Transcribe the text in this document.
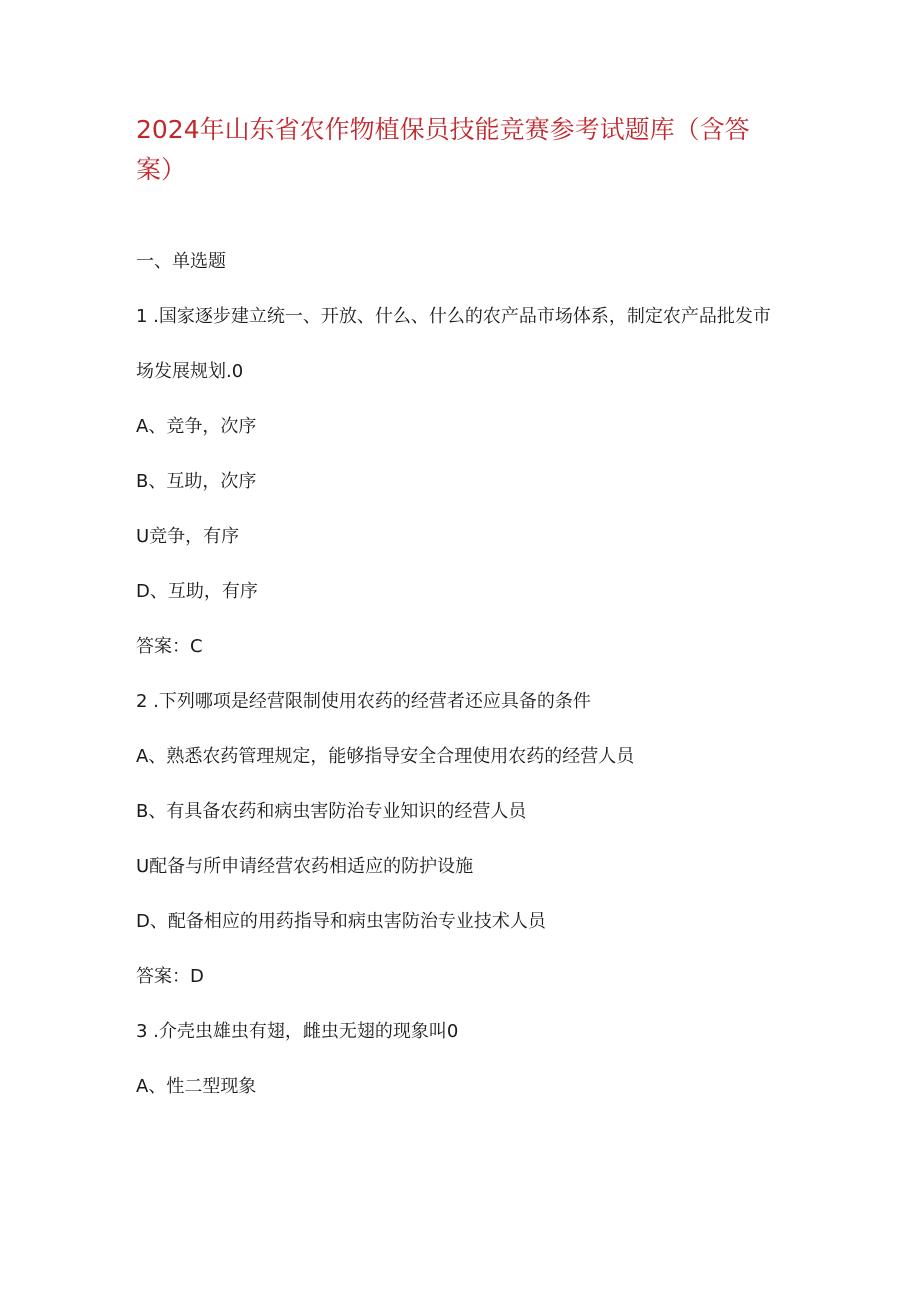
2024年山东省农作物植保员技能竞赛参考试题库（含答案）

一、单选题

1 .国家逐步建立统一、开放、什么、什么的农产品市场体系，制定农产品批发市

场发展规划.0

A、竞争，次序

B、互助，次序

U竞争，有序

D、互助，有序

答案：C

2 .下列哪项是经营限制使用农药的经营者还应具备的条件

A、熟悉农药管理规定，能够指导安全合理使用农药的经营人员

B、有具备农药和病虫害防治专业知识的经营人员

U配备与所申请经营农药相适应的防护设施

D、配备相应的用药指导和病虫害防治专业技术人员

答案：D

3 .介壳虫雄虫有翅，雌虫无翅的现象叫0

A、性二型现象
